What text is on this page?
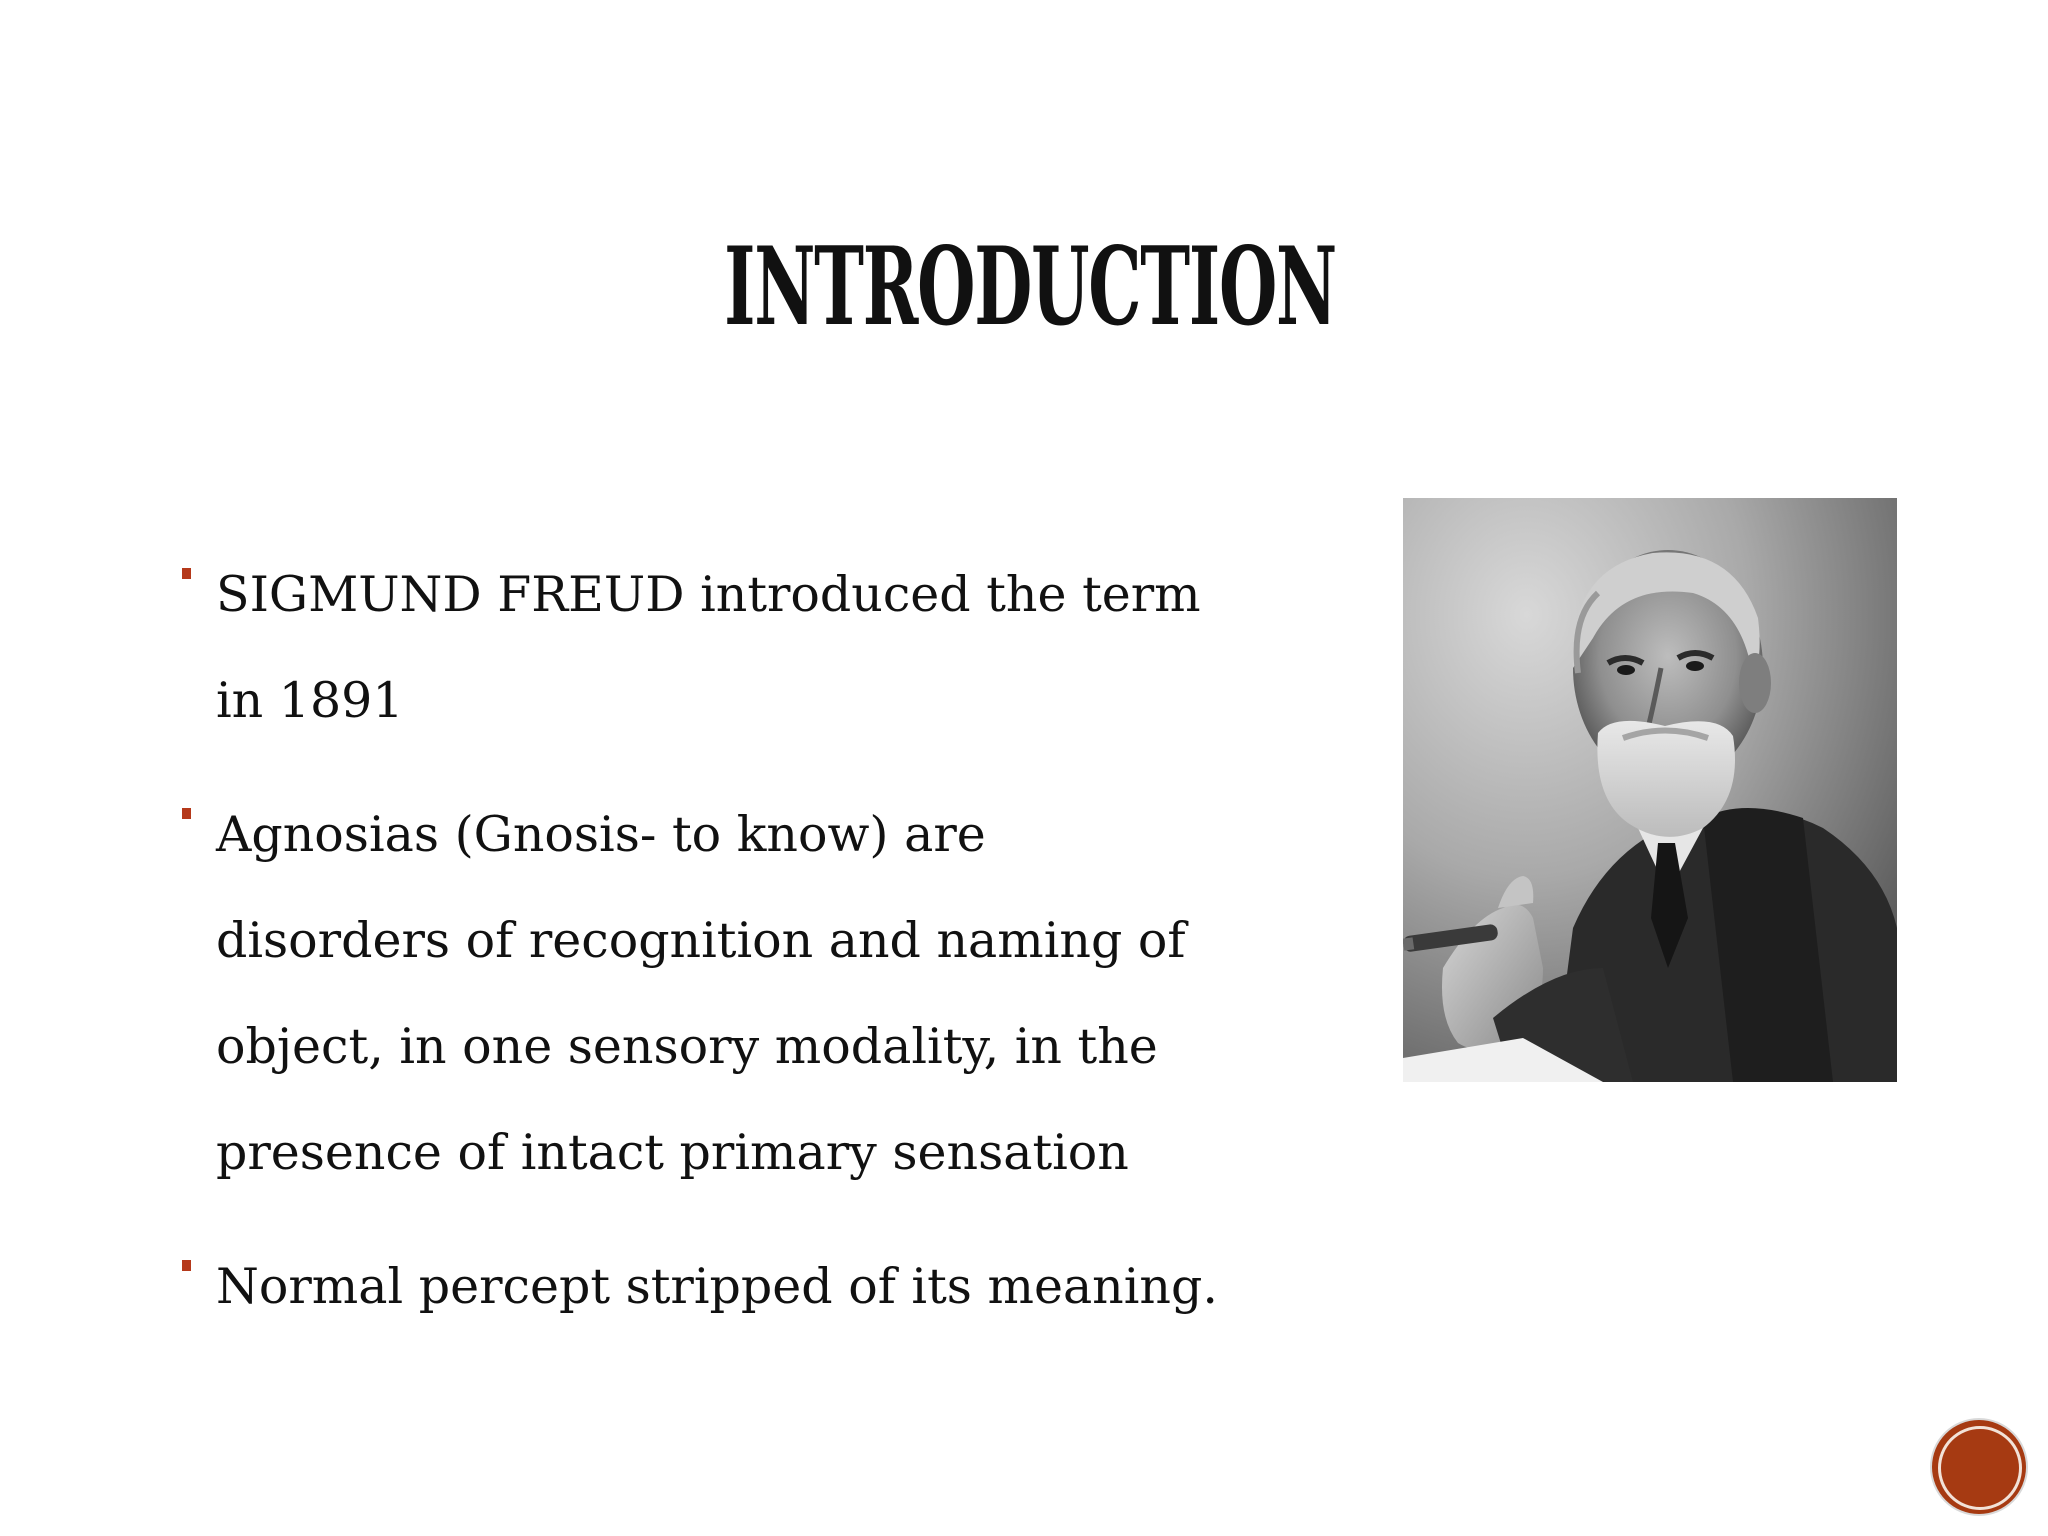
INTRODUCTION
SIGMUND FREUD introduced the term
in 1891
Agnosias (Gnosis- to know) are
disorders of recognition and naming of
object, in one sensory modality, in the
presence of intact primary sensation
Normal percept stripped of its meaning.
